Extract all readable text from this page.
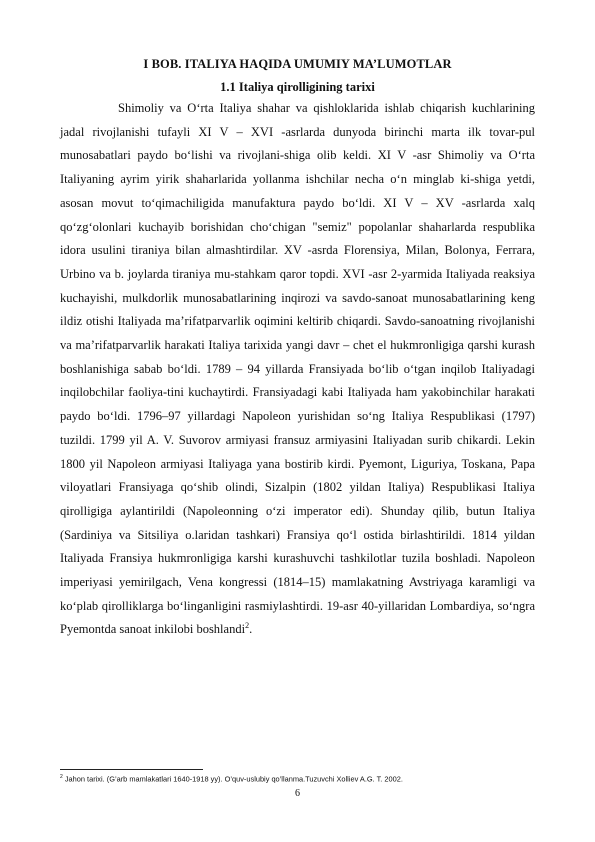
I BOB. ITALIYA HAQIDA UMUMIY MA’LUMOTLAR
1.1 Italiya qirolligining tarixi

Shimoliy va O‘rta Italiya shahar va qishloklarida ishlab chiqarish kuchlarining jadal rivojlanishi tufayli XI V – XVI -asrlarda dunyoda birinchi marta ilk tovar-pul munosabatlari paydo bo‘lishi va rivojlani-shiga olib keldi. XI V -asr Shimoliy va O‘rta Italiyaning ayrim yirik shaharlarida yollanma ishchilar necha o‘n minglab ki-shiga yetdi, asosan movut to‘qimachiligida manufaktura paydo bo‘ldi. XI V – XV -asrlarda xalq qo‘zg‘olonlari kuchayib borishidan cho‘chigan "semiz" popolanlar shaharlarda respublika idora usulini tiraniya bilan almashtirdilar. XV -asrda Florensiya, Milan, Bolonya, Ferrara, Urbino va b. joylarda tiraniya mu-stahkam qaror topdi. XVI -asr 2-yarmida Italiyada reaksiya kuchayishi, mulkdorlik munosabatlarining inqirozi va savdo-sanoat munosabatlarining keng ildiz otishi Italiyada ma’rifatparvarlik oqimini keltirib chiqardi. Savdo-sanoatning rivojlanishi va ma’rifatparvarlik harakati Italiya tarixida yangi davr – chet el hukmronligiga qarshi kurash boshlanishiga sabab bo‘ldi. 1789 – 94 yillarda Fransiyada bo‘lib o‘tgan inqilob Italiyadagi inqilobchilar faoliya-tini kuchaytirdi. Fransiyadagi kabi Italiyada ham yakobinchilar harakati paydo bo‘ldi. 1796–97 yillardagi Napoleon yurishidan so‘ng Italiya Respublikasi (1797) tuzildi. 1799 yil A. V. Suvorov armiyasi fransuz armiyasini Italiyadan surib chikardi. Lekin 1800 yil Napoleon armiyasi Italiyaga yana bostirib kirdi. Pyemont, Liguriya, Toskana, Papa viloyatlari Fransiyaga qo‘shib olindi, Sizalpin (1802 yildan Italiya) Respublikasi Italiya qirolligiga aylantirildi (Napoleonning o‘zi imperator edi). Shunday qilib, butun Italiya (Sardiniya va Sitsiliya o.laridan tashkari) Fransiya qo‘l ostida birlashtirildi. 1814 yildan Italiyada Fransiya hukmronligiga karshi kurashuvchi tashkilotlar tuzila boshladi. Napoleon imperiyasi yemirilgach, Vena kongressi (1814–15) mamlakatning Avstriyaga karamligi va ko‘plab qirolliklarga bo‘linganligini rasmiylashtirdi. 19-asr 40-yillaridan Lombardiya, so‘ngra Pyemontda sanoat inkilobi boshlandi$^2$.

$^2$ Jahon tarixi. (G’arb mamlakatlari 1640-1918 yy). O’quv-uslubiy qo’llanma.Tuzuvchi Xolliev A.G. T. 2002.
6
